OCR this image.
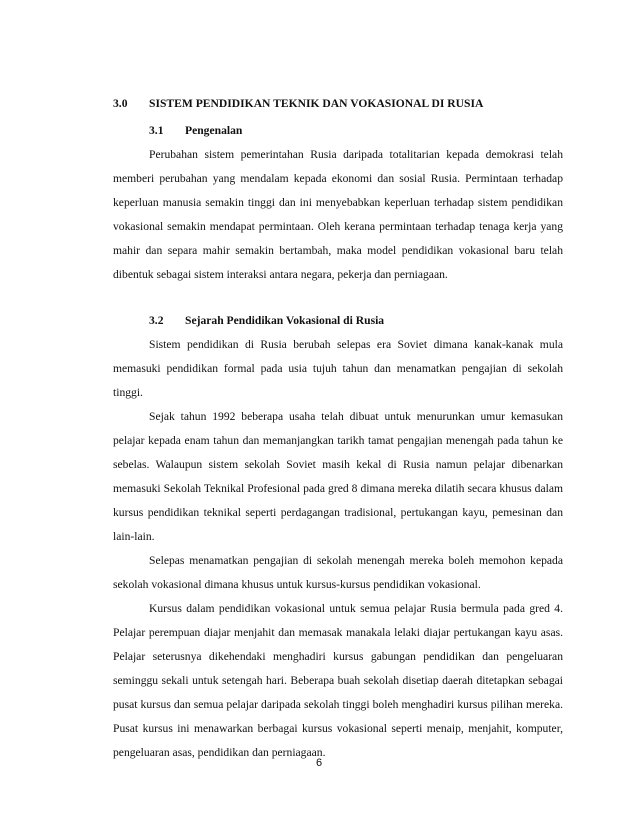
3.0	SISTEM PENDIDIKAN TEKNIK DAN VOKASIONAL DI RUSIA
3.1	Pengenalan

Perubahan sistem pemerintahan Rusia daripada totalitarian kepada demokrasi telah memberi perubahan yang mendalam kepada ekonomi dan sosial Rusia. Permintaan terhadap keperluan manusia semakin tinggi dan ini menyebabkan keperluan terhadap sistem pendidikan vokasional semakin mendapat permintaan. Oleh kerana permintaan terhadap tenaga kerja yang mahir dan separa mahir semakin bertambah, maka model pendidikan vokasional baru telah dibentuk sebagai sistem interaksi antara negara, pekerja dan perniagaan.

3.2	Sejarah Pendidikan Vokasional di Rusia

Sistem pendidikan di Rusia berubah selepas era Soviet dimana kanak-kanak mula memasuki pendidikan formal pada usia tujuh tahun dan menamatkan pengajian di sekolah tinggi.

Sejak tahun 1992 beberapa usaha telah dibuat untuk menurunkan umur kemasukan pelajar kepada enam tahun dan memanjangkan tarikh tamat pengajian menengah pada tahun ke sebelas. Walaupun sistem sekolah Soviet masih kekal di Rusia namun pelajar dibenarkan memasuki Sekolah Teknikal Profesional pada gred 8 dimana mereka dilatih secara khusus dalam kursus pendidikan teknikal seperti perdagangan tradisional, pertukangan kayu, pemesinan dan lain-lain.

Selepas menamatkan pengajian di sekolah menengah mereka boleh memohon kepada sekolah vokasional dimana khusus untuk kursus-kursus pendidikan vokasional.

Kursus dalam pendidikan vokasional untuk semua pelajar Rusia bermula pada gred 4. Pelajar perempuan diajar menjahit dan memasak manakala lelaki diajar pertukangan kayu asas. Pelajar seterusnya dikehendaki menghadiri kursus gabungan pendidikan dan pengeluaran seminggu sekali untuk setengah hari. Beberapa buah sekolah disetiap daerah ditetapkan sebagai pusat kursus dan semua pelajar daripada sekolah tinggi boleh menghadiri kursus pilihan mereka. Pusat kursus ini menawarkan berbagai kursus vokasional seperti menaip, menjahit, komputer, pengeluaran asas, pendidikan dan perniagaan.

6
